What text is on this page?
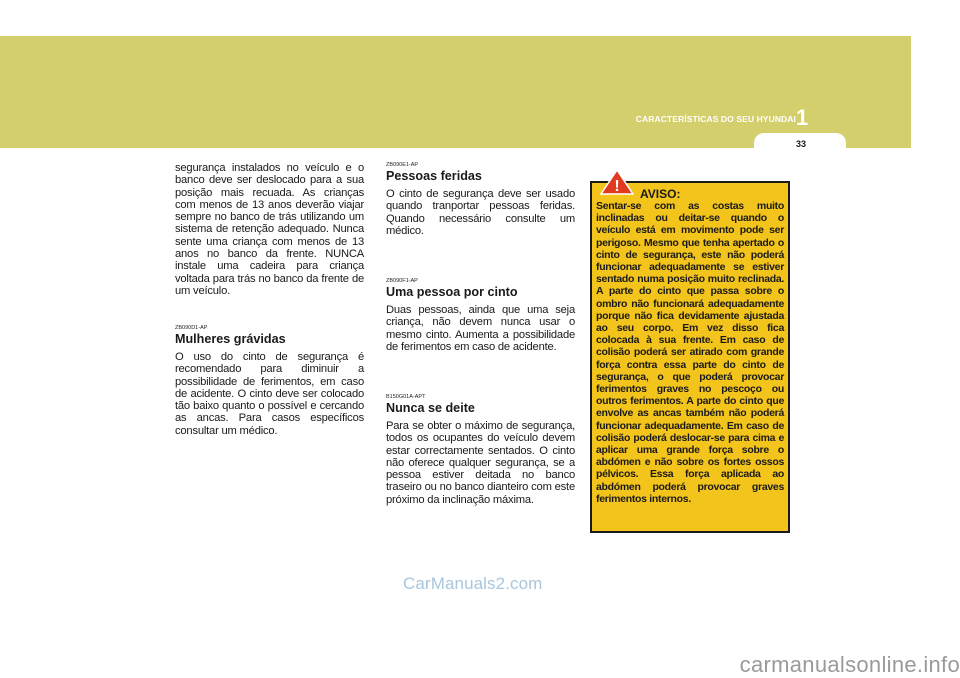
CARACTERÍSTICAS DO SEU HYUNDAI 1
33

segurança instalados no veículo e o banco deve ser deslocado para a sua posição mais recuada. As crianças com menos de 13 anos deverão viajar sempre no banco de trás utilizando um sistema de retenção adequado. Nunca sente uma criança com menos de 13 anos no banco da frente. NUNCA instale uma cadeira para criança voltada para trás no banco da frente de um veículo.

ZB090D1-AP

Mulheres grávidas

O uso do cinto de segurança é recomendado para diminuir a possibilidade de ferimentos, em caso de acidente. O cinto deve ser colocado tão baixo quanto o possível e cercando as ancas. Para casos específicos consultar um médico.

ZB090E1-AP

Pessoas feridas

O cinto de segurança deve ser usado quando tranportar pessoas feridas. Quando necessário consulte um médico.

ZB090F1-AP

Uma pessoa por cinto

Duas pessoas, ainda que uma seja criança, não devem nunca usar o mesmo cinto. Aumenta a possibilidade de ferimentos em caso de acidente.

B150G01A-APT

Nunca se deite

Para se obter o máximo de segurança, todos os ocupantes do veículo devem estar correctamente sentados. O cinto não oferece qualquer segurança, se a pessoa estiver deitada no banco traseiro ou no banco dianteiro com este próximo da inclinação máxima.

AVISO:

Sentar-se com as costas muito inclinadas ou deitar-se quando o veículo está em movimento pode ser perigoso. Mesmo que tenha apertado o cinto de segurança, este não poderá funcionar adequadamente se estiver sentado numa posição muito reclinada. A parte do cinto que passa sobre o ombro não funcionará adequadamente porque não fica devidamente ajustada ao seu corpo. Em vez disso fica colocada à sua frente. Em caso de colisão poderá ser atirado com grande força contra essa parte do cinto de segurança, o que poderá provocar ferimentos graves no pescoço ou outros ferimentos. A parte do cinto que envolve as ancas também não poderá funcionar adequadamente. Em caso de colisão poderá deslocar-se para cima e aplicar uma grande força sobre o abdómen e não sobre os fortes ossos pélvicos. Essa força aplicada ao abdómen poderá provocar graves ferimentos internos.

!
CarManuals2.com
carmanualsonline.info
